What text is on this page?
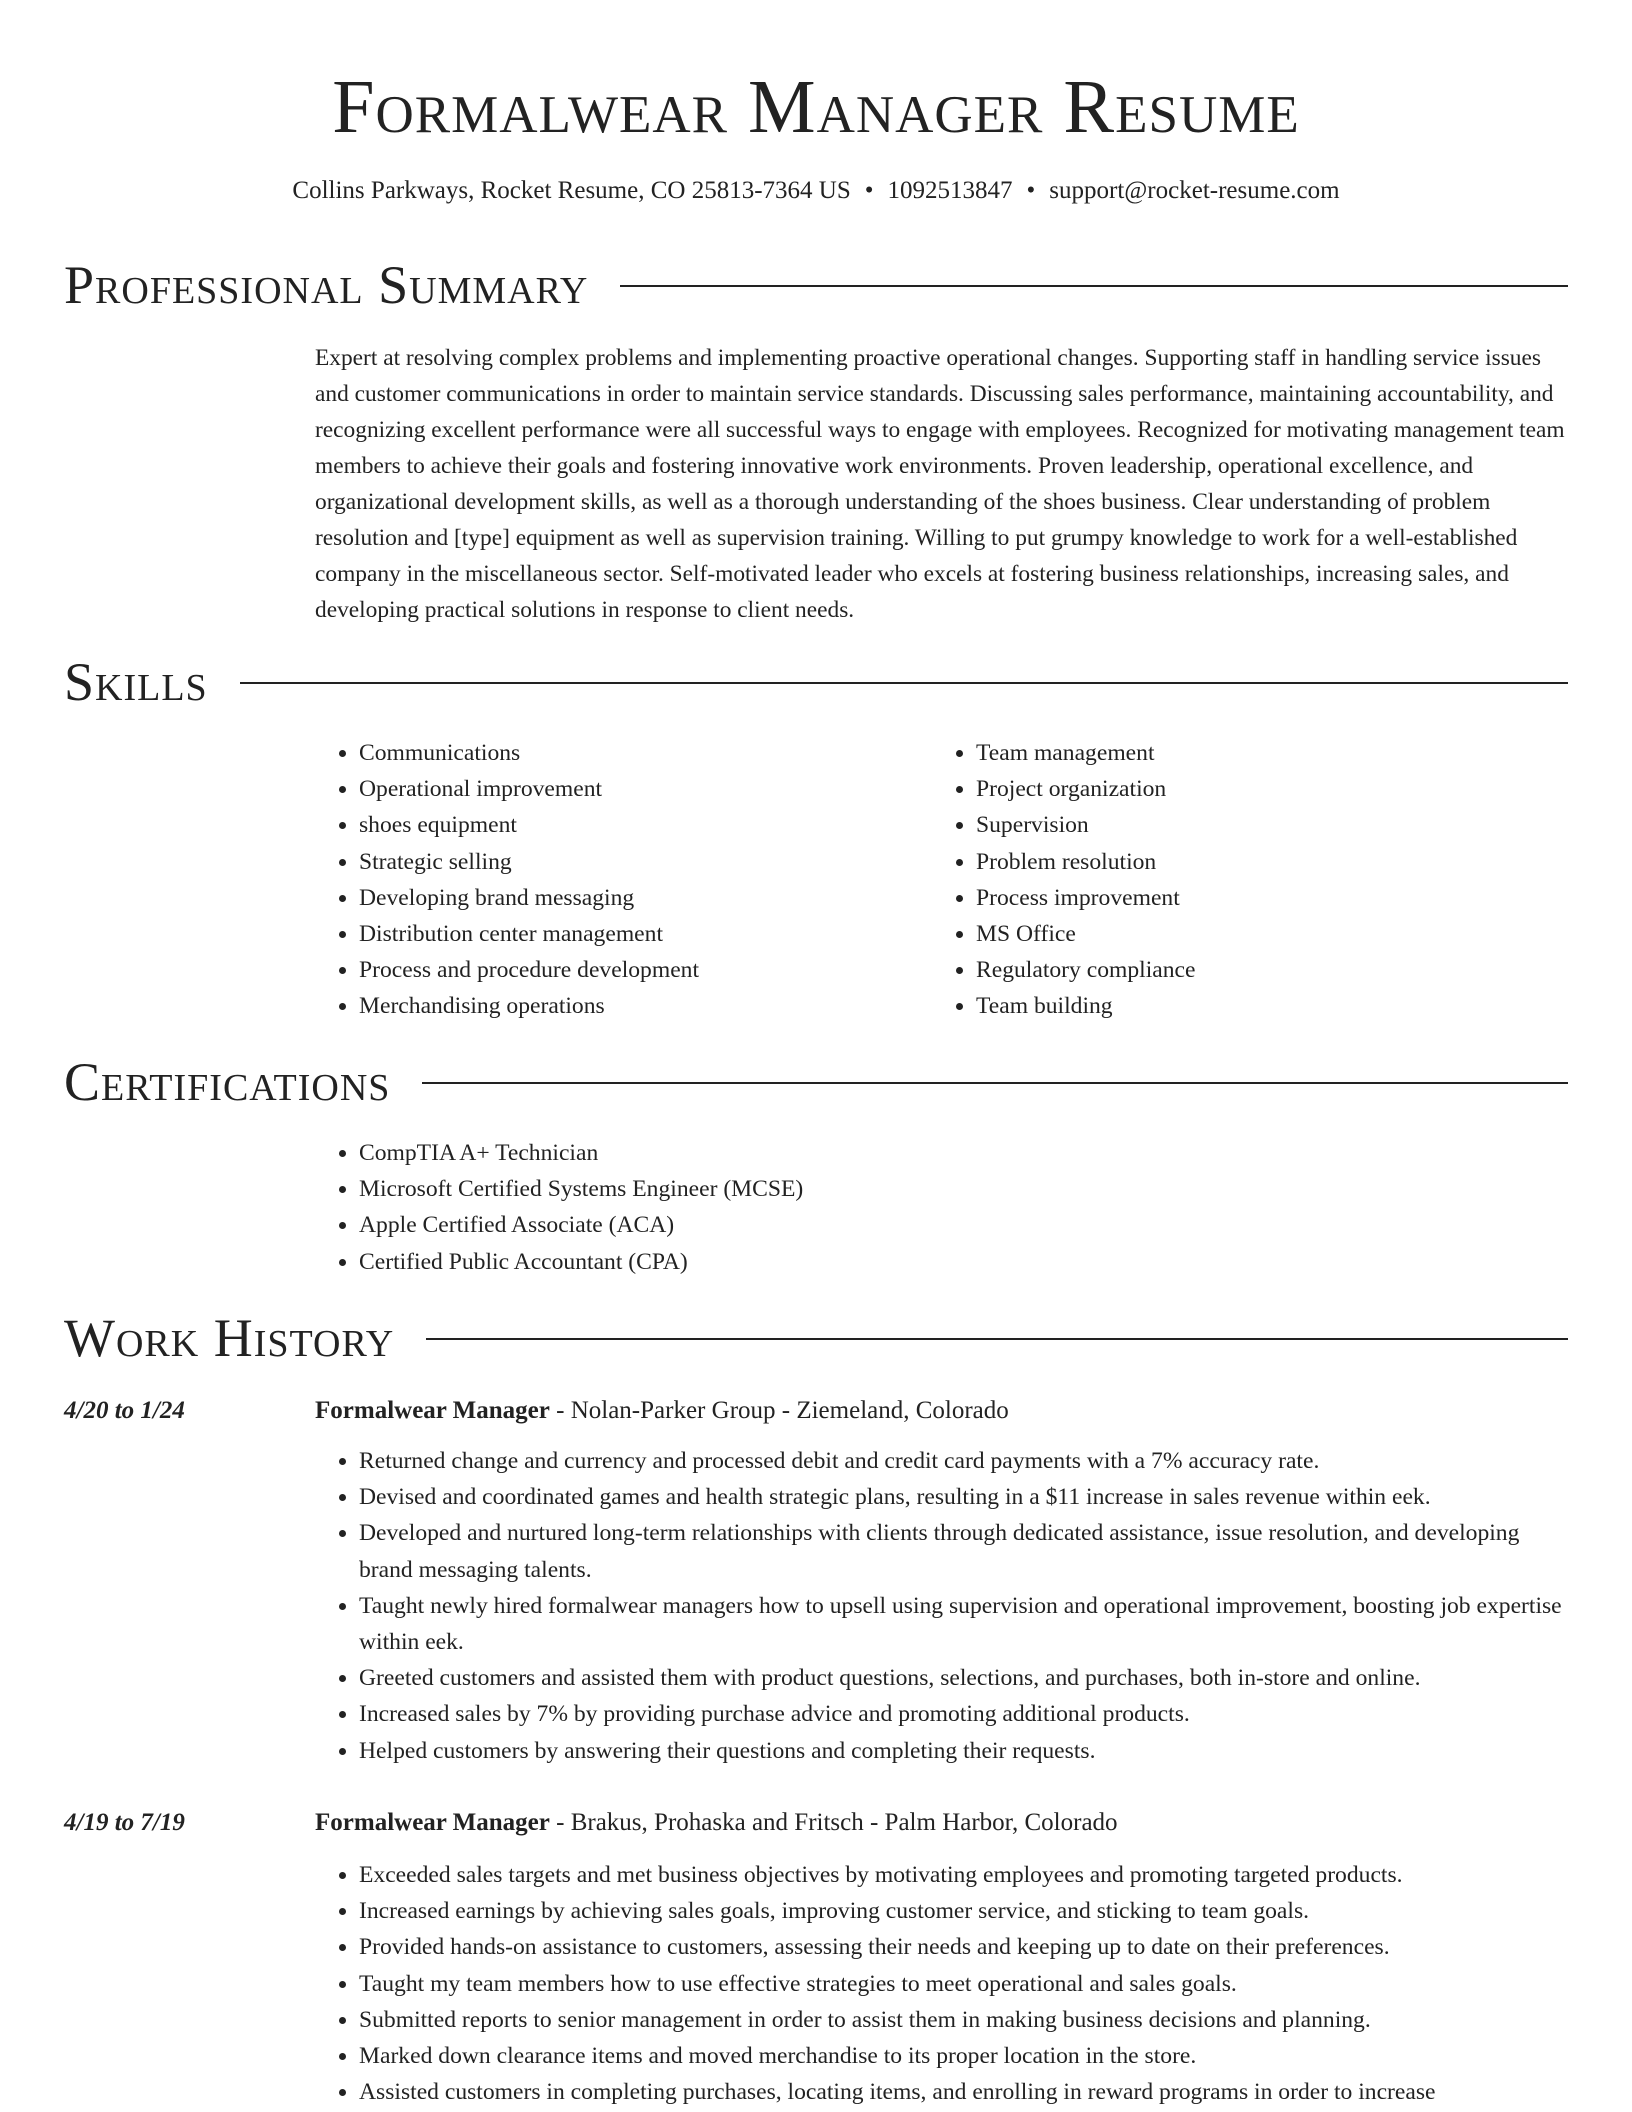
Formalwear Manager Resume
Collins Parkways, Rocket Resume, CO 25813-7364 US • 1092513847 • support@rocket-resume.com
Professional Summary

Expert at resolving complex problems and implementing proactive operational changes. Supporting staff in handling service issues and customer communications in order to maintain service standards. Discussing sales performance, maintaining accountability, and recognizing excellent performance were all successful ways to engage with employees. Recognized for motivating management team members to achieve their goals and fostering innovative work environments. Proven leadership, operational excellence, and organizational development skills, as well as a thorough understanding of the shoes business. Clear understanding of problem resolution and [type] equipment as well as supervision training. Willing to put grumpy knowledge to work for a well-established company in the miscellaneous sector. Self-motivated leader who excels at fostering business relationships, increasing sales, and developing practical solutions in response to client needs.

Skills
• Communications
• Operational improvement
• shoes equipment
• Strategic selling
• Developing brand messaging
• Distribution center management
• Process and procedure development
• Merchandising operations
• Team management
• Project organization
• Supervision
• Problem resolution
• Process improvement
• MS Office
• Regulatory compliance
• Team building
Certifications
• CompTIA A+ Technician
• Microsoft Certified Systems Engineer (MCSE)
• Apple Certified Associate (ACA)
• Certified Public Accountant (CPA)
Work History
4/20 to 1/24	Formalwear Manager - Nolan-Parker Group - Ziemeland, Colorado
• Returned change and currency and processed debit and credit card payments with a 7% accuracy rate.
• Devised and coordinated games and health strategic plans, resulting in a $11 increase in sales revenue within eek.
• Developed and nurtured long-term relationships with clients through dedicated assistance, issue resolution, and developing brand messaging talents.
• Taught newly hired formalwear managers how to upsell using supervision and operational improvement, boosting job expertise within eek.
• Greeted customers and assisted them with product questions, selections, and purchases, both in-store and online.
• Increased sales by 7% by providing purchase advice and promoting additional products.
• Helped customers by answering their questions and completing their requests.
4/19 to 7/19	Formalwear Manager - Brakus, Prohaska and Fritsch - Palm Harbor, Colorado
• Exceeded sales targets and met business objectives by motivating employees and promoting targeted products.
• Increased earnings by achieving sales goals, improving customer service, and sticking to team goals.
• Provided hands-on assistance to customers, assessing their needs and keeping up to date on their preferences.
• Taught my team members how to use effective strategies to meet operational and sales goals.
• Submitted reports to senior management in order to assist them in making business decisions and planning.
• Marked down clearance items and moved merchandise to its proper location in the store.
• Assisted customers in completing purchases, locating items, and enrolling in reward programs in order to increase
